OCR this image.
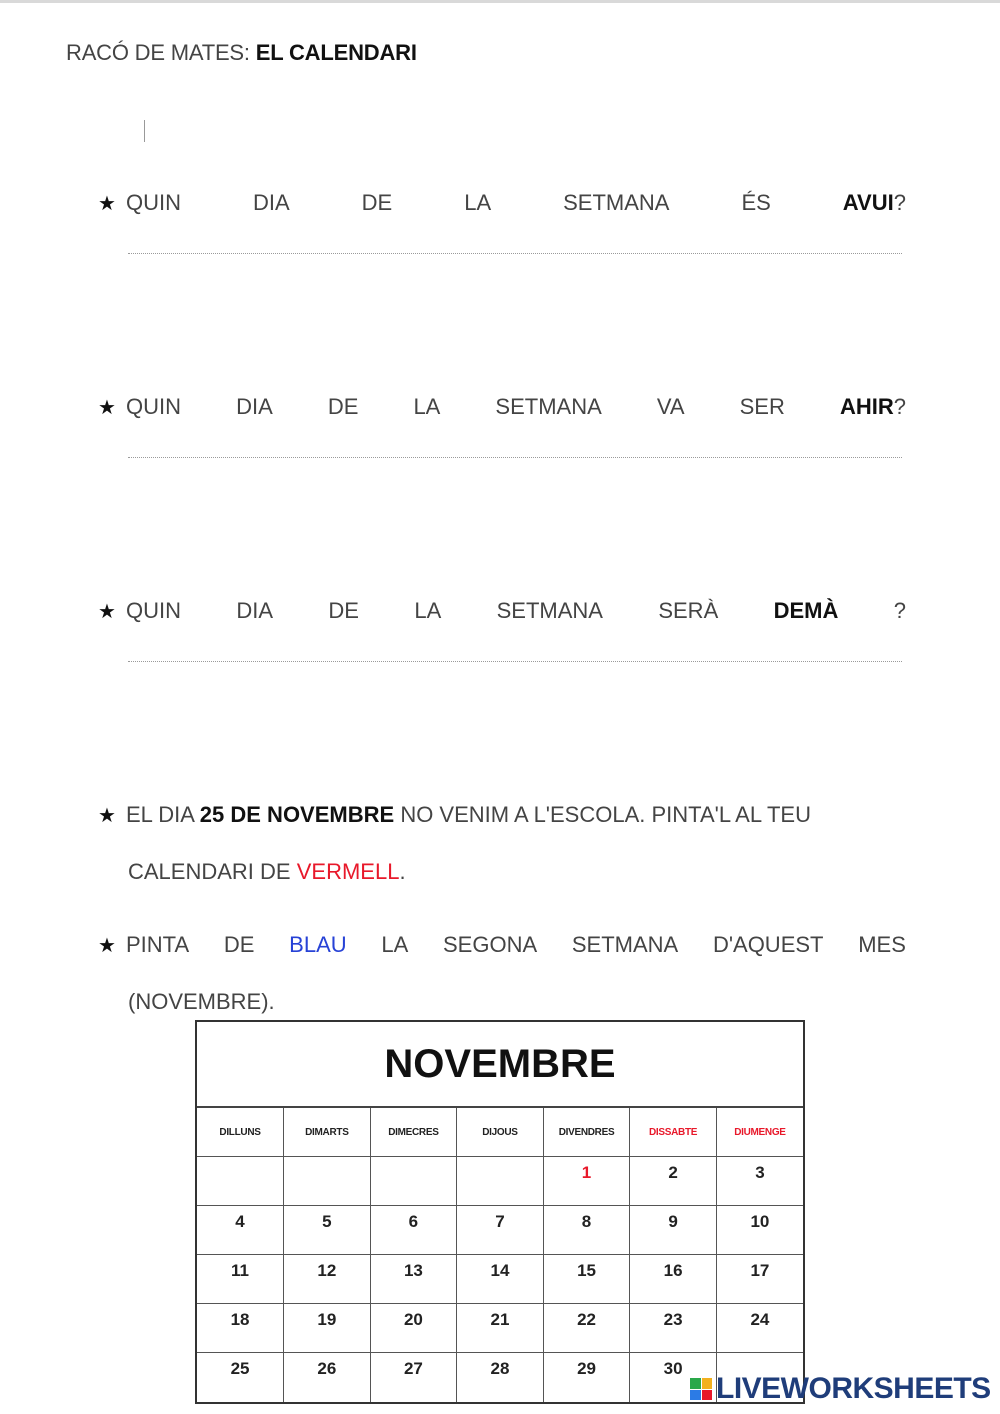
RACÓ DE MATES: EL CALENDARI
★ QUIN	DIA	DE	LA	SETMANA	ÉS	AVUI?
★ QUIN	DIA	DE	LA	SETMANA	VA	SER	AHIR?
★ QUIN	DIA	DE	LA	SETMANA	SERÀ	DEMÀ	?
★ EL DIA 25 DE NOVEMBRE NO VENIM A L'ESCOLA. PINTA'L AL TEU
CALENDARI DE
VERMELL .
★ PINTA DE BLAU LA SEGONA SETMANA D'AQUEST MES
(NOVEMBRE).
NOVEMBRE
DILLUNS	DIMARTS	DIMECRES	DIJOUS	DIVENDRES	DISSABTE	DIUMENGE
				1	2	3
4	5	6	7	8	9	10
11	12	13	14	15	16	17
18	19	20	21	22	23	24
25	26	27	28	29	30	
LIVEWORKSHEETS
